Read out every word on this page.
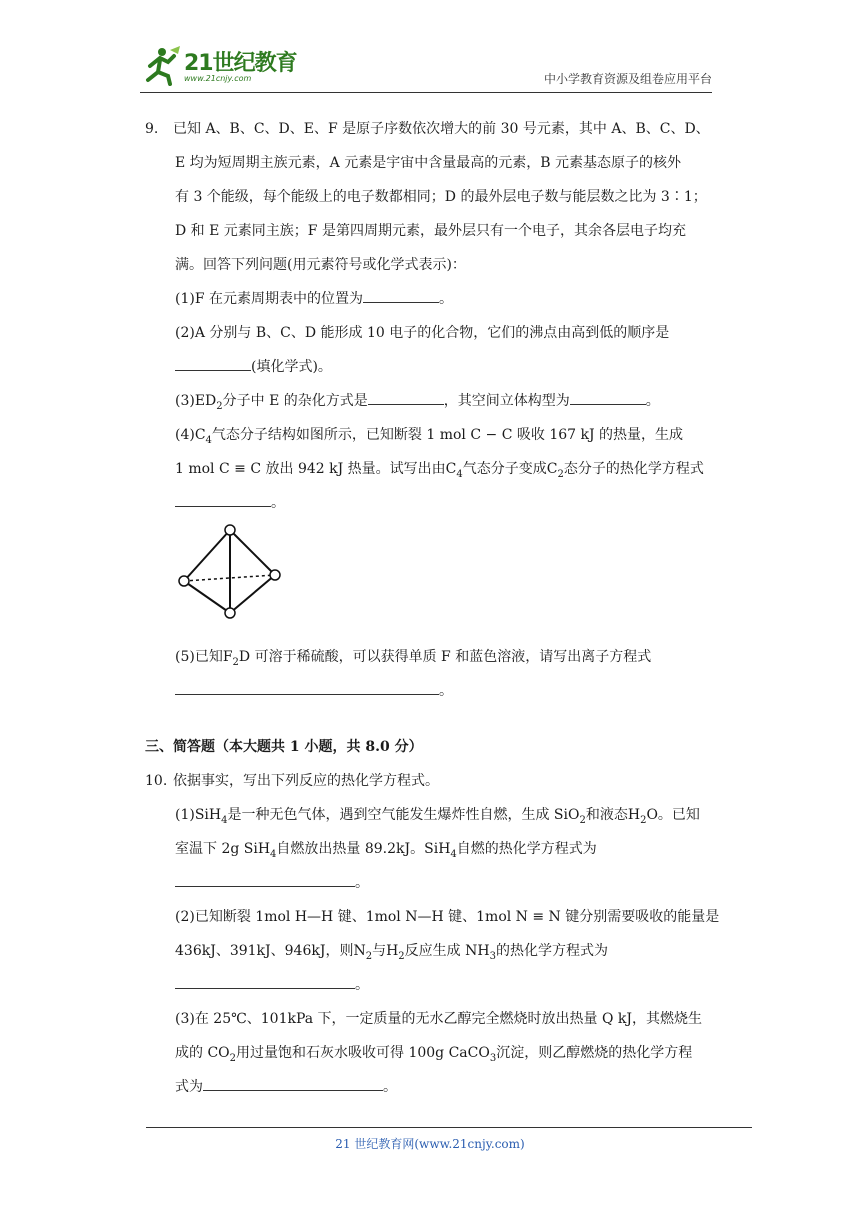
21世纪教育
www.21cnjy.com	中小学教育资源及组卷应用平台
9. 已知 A、B、C、D、E、F 是原子序数依次增大的前 30 号元素，其中 A、B、C、D、
E 均为短周期主族元素，A 元素是宇宙中含量最高的元素，B 元素基态原子的核外
有 3 个能级，每个能级上的电子数都相同；D 的最外层电子数与能层数之比为 3∶1；
D 和 E 元素同主族；F 是第四周期元素，最外层只有一个电子，其余各层电子均充
满。回答下列问题(用元素符号或化学式表示)：
(1)F 在元素周期表中的位置为	。
(2)A 分别与 B、C、D 能形成 10 电子的化合物，它们的沸点由高到低的顺序是
(填化学式)。
$(3)ED_2$分子中 E 的杂化方式是	，其空间立体构型为	。
$(4)C_4$气态分子结构如图所示，已知断裂 1 mol C − C 吸收 167 kJ 的热量，生成
1 mol C ≡ C 放出 942 kJ 热量。试写出由$C_4$气态分子变成$C_2$态分子的热化学方程式
。
(5)已知$F_2D$ 可溶于稀硫酸，可以获得单质 F 和蓝色溶液，请写出离子方程式
。
三、简答题（本大题共 1 小题，共 8.0 分）
10. 依据事实，写出下列反应的热化学方程式。
(1)SiH$_4$是一种无色气体，遇到空气能发生爆炸性自燃，生成 SiO$_2$和液态$H_2O$。已知
室温下 2g SiH$_4$自燃放出热量 89.2kJ。SiH$_4$自燃的热化学方程式为
。
(2)已知断裂 1mol H—H 键、1mol N—H 键、1mol N ≡ N 键分别需要吸收的能量是
436kJ、391kJ、946kJ，则$N_2$与$H_2$反应生成 $NH_3$的热化学方程式为
。
(3)在 25℃、101kPa 下，一定质量的无水乙醇完全燃烧时放出热量 Q kJ，其燃烧生
成的 $CO_2$用过量饱和石灰水吸收可得 100g CaCO$_3$沉淀，则乙醇燃烧的热化学方程
式为	。
21 世纪教育网(www.21cnjy.com)
